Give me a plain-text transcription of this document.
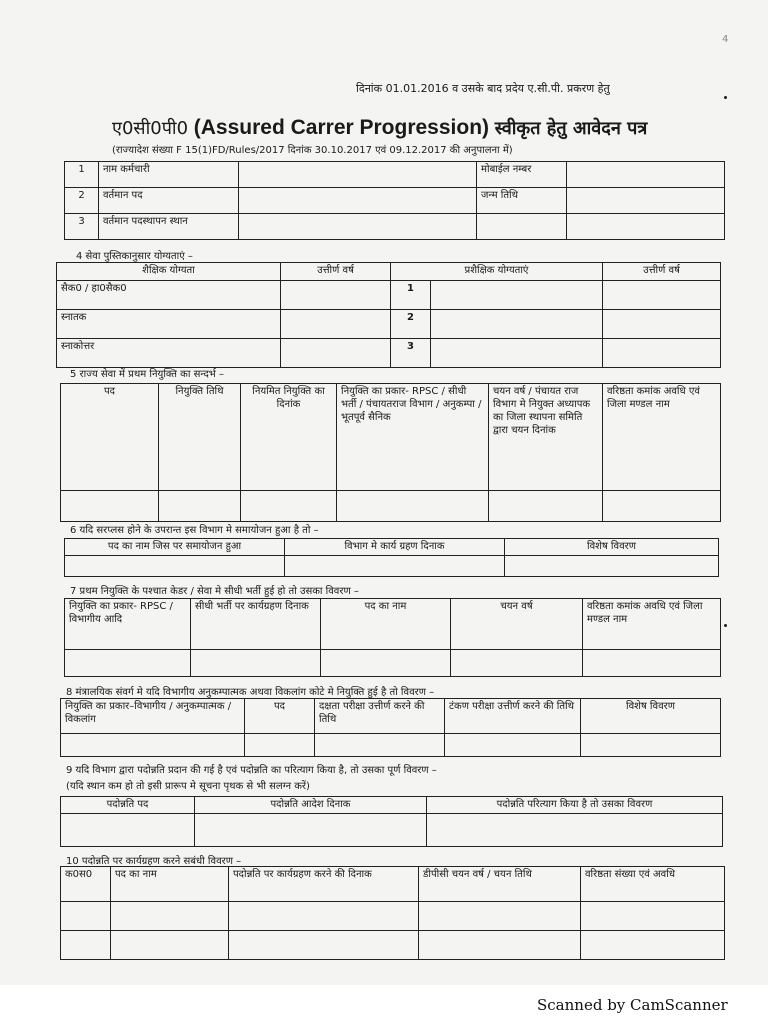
4
दिनांक 01.01.2016 व उसके बाद प्रदेय ए.सी.पी. प्रकरण हेतु
ए0सी0पी0 (Assured Carrer Progression) स्वीकृत हेतु आवेदन पत्र
(राज्यादेश संख्या F 15(1)FD/Rules/2017 दिनांक 30.10.2017 एवं 09.12.2017 की अनुपालना में)
1	नाम कर्मचारी		मोबाईल नम्बर	
2	वर्तमान पद		जन्म तिथि	
3	वर्तमान पदस्थापन स्थान			
4 सेवा पुस्तिकानुसार योग्यताएं –
शैक्षिक योग्यता	उत्तीर्ण वर्ष	प्रशैक्षिक योग्यताएं		उत्तीर्ण वर्ष
सैक0 / हा0सैक0		1		
स्नातक		2		
स्नाकोत्तर		3		
5 राज्य सेवा में प्रथम नियुक्ति का सन्दर्भ –
पद	नियुक्ति तिथि	नियमित नियुक्ति का दिनांक	नियुक्ति का प्रकार- RPSC / सीधी भर्ती / पंचायतराज विभाग / अनुकम्पा / भूतपूर्व सैनिक	चयन वर्ष / पंचायत राज विभाग मे नियुक्त अध्यापक का जिला स्थापना समिति द्वारा चयन दिनांक	वरिष्ठता कमांक अवधि एवं जिला मण्डल नाम

6 यदि सरप्लस होने के उपरान्त इस विभाग मे समायोजन हुआ है तो –
पद का नाम जिस पर समायोजन हुआ	विभाग मे कार्य ग्रहण दिनाक	विशेष विवरण

7 प्रथम नियुक्ति के पश्चात केडर / सेवा मे सीधी भर्ती हुई हो तो उसका विवरण –
नियुक्ति का प्रकार- RPSC / विभागीय आदि	सीधी भर्ती पर कार्यग्रहण दिनाक	पद का नाम	चयन वर्ष	वरिष्ठता कमांक अवधि एवं जिला मण्डल नाम

8 मंत्रालयिक संवर्ग मे यदि विभागीय अनुकम्पात्मक अथवा विकलांग कोटे मे नियुक्ति हुई है तो विवरण –
नियुक्ति का प्रकार–विभागीय / अनुकम्पात्मक / विकलांग	पद	दक्षता परीक्षा उत्तीर्ण करने की तिथि	टंकण परीक्षा उत्तीर्ण करने की तिथि	विशेष विवरण

9 यदि विभाग द्वारा पदोन्नति प्रदान की गई है एवं पदोन्नति का परित्याग किया है, तो उसका पूर्ण विवरण –
(यदि स्थान कम हो तो इसी प्रारूप मे सूचना पृथक से भी सलग्न करें)
पदोन्नति पद	पदोन्नति आदेश दिनाक	पदोन्नति परित्याग किया है तो उसका विवरण

10 पदोन्नति पर कार्यग्रहण करने सबंधी विवरण –
क0स0	पद का नाम	पदोन्नति पर कार्यग्रहण करने की दिनाक	डीपीसी चयन वर्ष / चयन तिथि	वरिष्ठता संख्या एवं अवधि

Scanned by CamScanner
